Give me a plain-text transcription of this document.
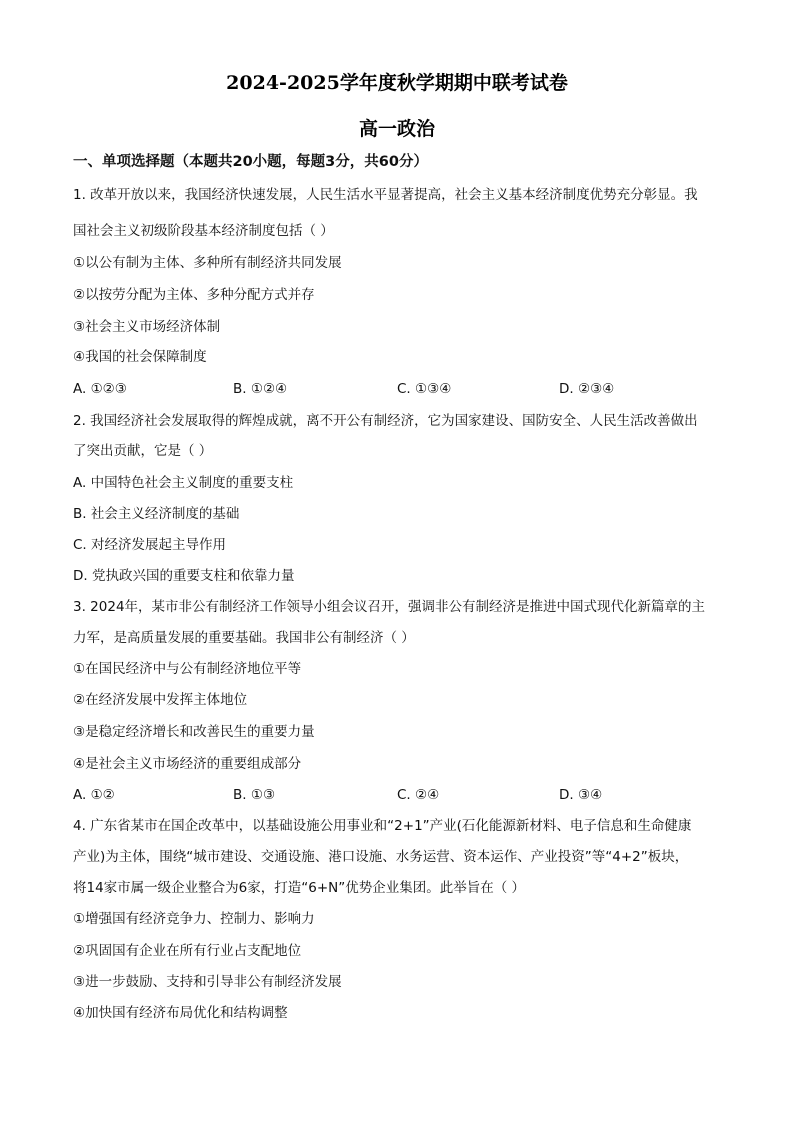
2024-2025学年度秋学期期中联考试卷
高一政治
一、单项选择题（本题共20小题，每题3分，共60分）
1. 改革开放以来，我国经济快速发展，人民生活水平显著提高，社会主义基本经济制度优势充分彰显。我
国社会主义初级阶段基本经济制度包括（ ）
①以公有制为主体、多种所有制经济共同发展
②以按劳分配为主体、多种分配方式并存
③社会主义市场经济体制
④我国的社会保障制度
A. ①②③	B. ①②④	C. ①③④	D. ②③④
2. 我国经济社会发展取得的辉煌成就，离不开公有制经济，它为国家建设、国防安全、人民生活改善做出
了突出贡献，它是（ ）
A. 中国特色社会主义制度的重要支柱
B. 社会主义经济制度的基础
C. 对经济发展起主导作用
D. 党执政兴国的重要支柱和依靠力量
3. 2024年，某市非公有制经济工作领导小组会议召开，强调非公有制经济是推进中国式现代化新篇章的主
力军，是高质量发展的重要基础。我国非公有制经济（ ）
①在国民经济中与公有制经济地位平等
②在经济发展中发挥主体地位
③是稳定经济增长和改善民生的重要力量
④是社会主义市场经济的重要组成部分
A. ①②	B. ①③	C. ②④	D. ③④
4. 广东省某市在国企改革中，以基础设施公用事业和“2+1”产业(石化能源新材料、电子信息和生命健康
产业)为主体，围绕“城市建设、交通设施、港口设施、水务运营、资本运作、产业投资”等“4+2”板块，
将14家市属一级企业整合为6家，打造“6+N”优势企业集团。此举旨在（ ）
①增强国有经济竞争力、控制力、影响力
②巩固国有企业在所有行业占支配地位
③进一步鼓励、支持和引导非公有制经济发展
④加快国有经济布局优化和结构调整
